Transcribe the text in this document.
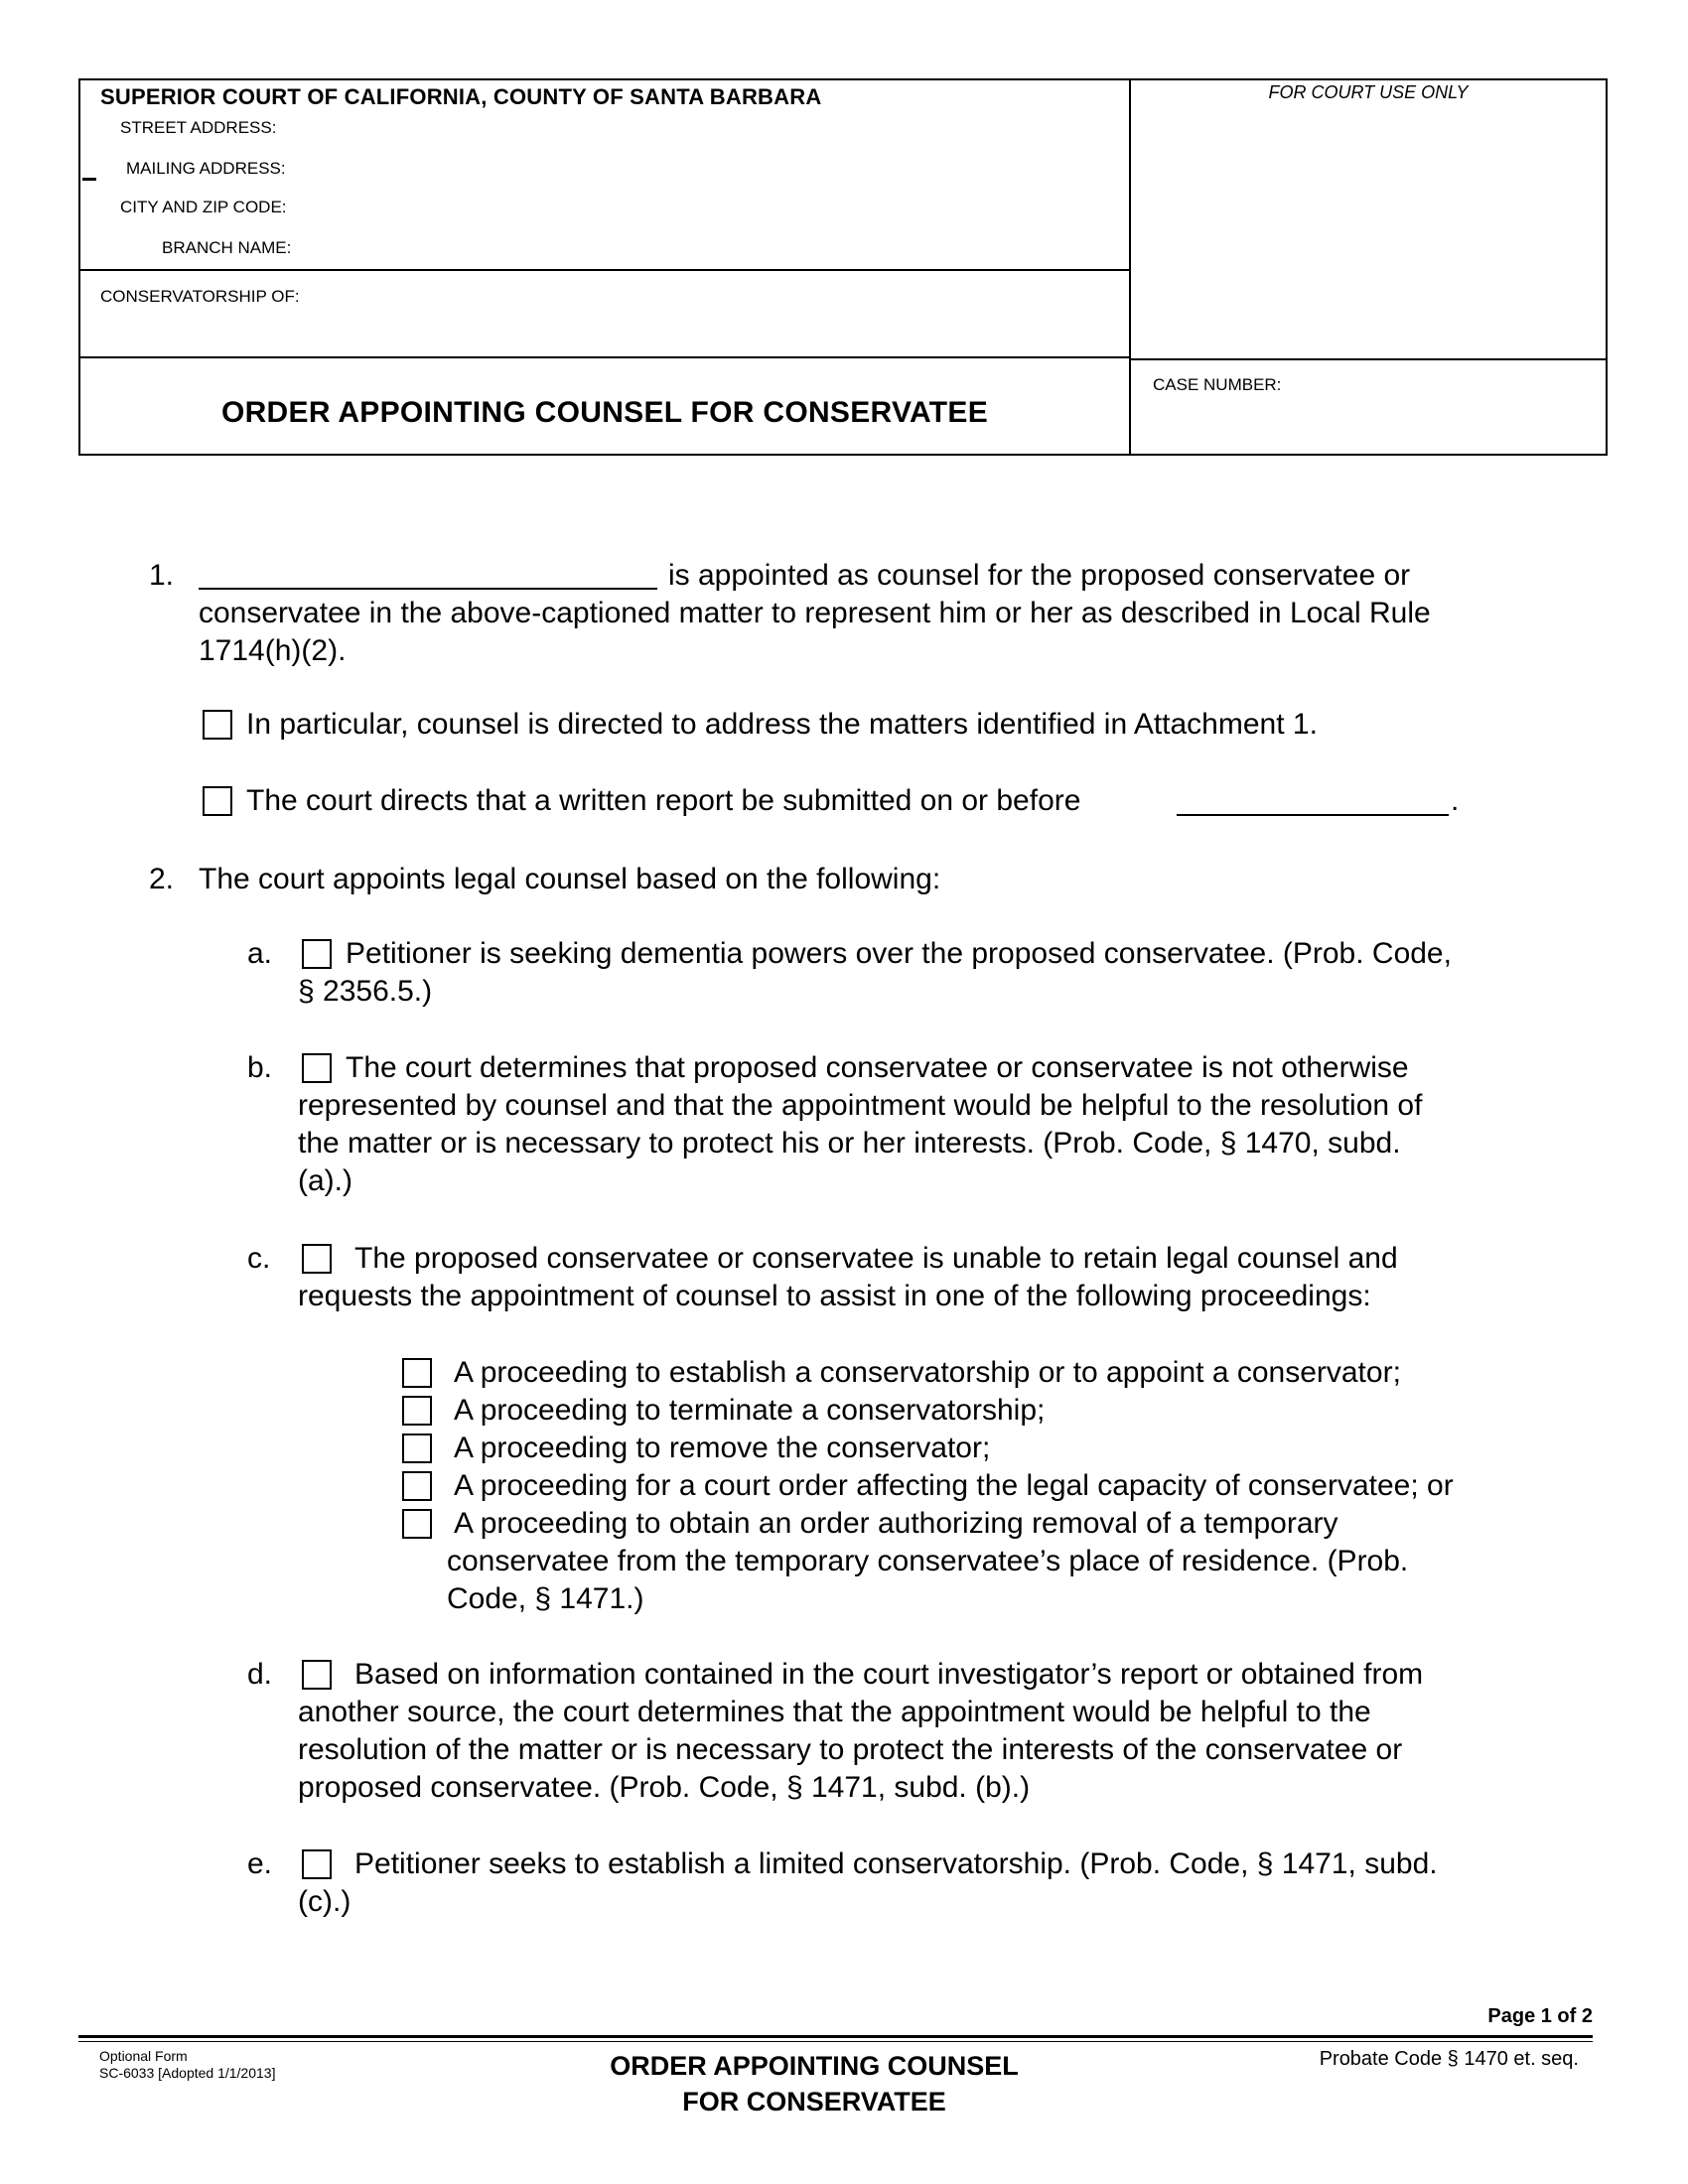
SUPERIOR COURT OF CALIFORNIA, COUNTY OF SANTA BARBARA
STREET ADDRESS:
MAILING ADDRESS:
CITY AND ZIP CODE:
BRANCH NAME:
CONSERVATORSHIP OF:
ORDER APPOINTING COUNSEL FOR CONSERVATEE
FOR COURT USE ONLY
CASE NUMBER:
1.	is appointed as counsel for the proposed conservatee or
conservatee in the above-captioned matter to represent him or her as described in Local Rule
1714(h)(2).
In particular, counsel is directed to address the matters identified in Attachment 1.
The court directs that a written report be submitted on or before	.
2. The court appoints legal counsel based on the following:
a. Petitioner is seeking dementia powers over the proposed conservatee. (Prob. Code,
§ 2356.5.)
b. The court determines that proposed conservatee or conservatee is not otherwise
represented by counsel and that the appointment would be helpful to the resolution of
the matter or is necessary to protect his or her interests. (Prob. Code, § 1470, subd.
(a).)
c.	The proposed conservatee or conservatee is unable to retain legal counsel and
requests the appointment of counsel to assist in one of the following proceedings:
A proceeding to establish a conservatorship or to appoint a conservator;
A proceeding to terminate a conservatorship;
A proceeding to remove the conservator;
A proceeding for a court order affecting the legal capacity of conservatee; or
A proceeding to obtain an order authorizing removal of a temporary
conservatee from the temporary conservatee’s place of residence. (Prob.
Code, § 1471.)
d.	Based on information contained in the court investigator’s report or obtained from
another source, the court determines that the appointment would be helpful to the
resolution of the matter or is necessary to protect the interests of the conservatee or
proposed conservatee. (Prob. Code, § 1471, subd. (b).)
e.	Petitioner seeks to establish a limited conservatorship. (Prob. Code, § 1471, subd.
(c).)
Page 1 of 2
Optional Form
SC-6033 [Adopted 1/1/2013]	ORDER APPOINTING COUNSEL
FOR CONSERVATEE
Probate Code § 1470 et. seq.
